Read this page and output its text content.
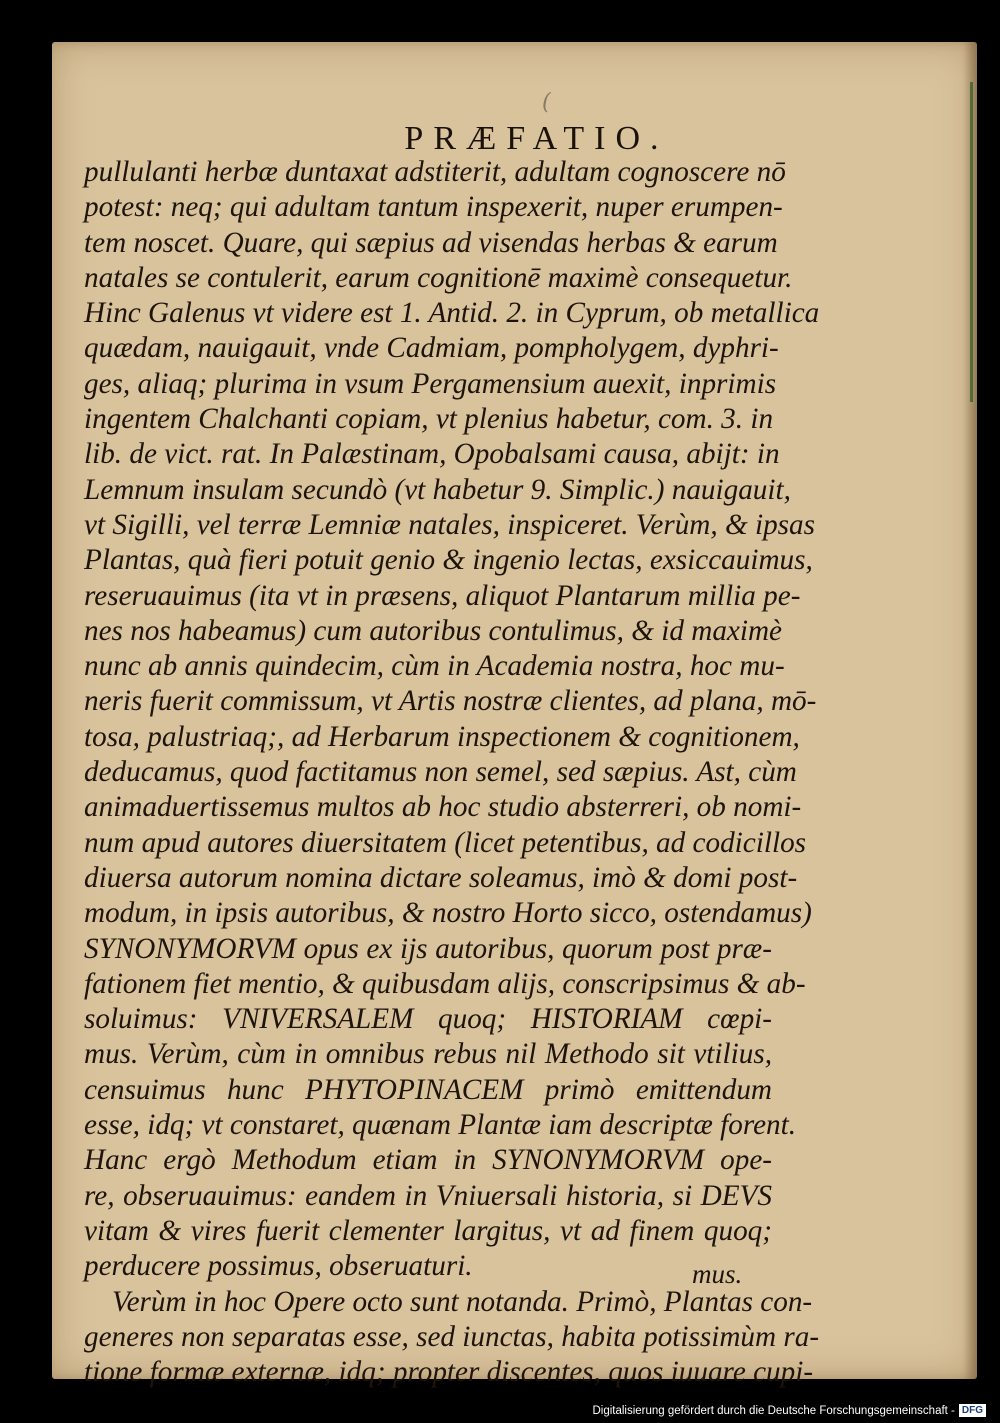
(
PRÆFATIO.
pullulanti herbæ duntaxat adstiterit, adultam cognoscere nō
potest: neq; qui adultam tantum inspexerit, nuper erumpen-
tem noscet. Quare, qui sæpius ad visendas herbas & earum
natales se contulerit, earum cognitionē maximè consequetur.
Hinc Galenus vt videre est 1. Antid. 2. in Cyprum, ob metallica
quædam, nauigauit, vnde Cadmiam, pompholygem, dyphri-
ges, aliaq; plurima in vsum Pergamensium auexit, inprimis
ingentem Chalchanti copiam, vt plenius habetur, com. 3. in
lib. de vict. rat. In Palæstinam, Opobalsami causa, abijt: in
Lemnum insulam secundò (vt habetur 9. Simplic.) nauigauit,
vt Sigilli, vel terræ Lemniæ natales, inspiceret. Verùm, & ipsas
Plantas, quà fieri potuit genio & ingenio lectas, exsiccauimus,
reseruauimus (ita vt in præsens, aliquot Plantarum millia pe-
nes nos habeamus) cum autoribus contulimus, & id maximè
nunc ab annis quindecim, cùm in Academia nostra, hoc mu-
neris fuerit commissum, vt Artis nostræ clientes, ad plana, mō-
tosa, palustriaq;, ad Herbarum inspectionem & cognitionem,
deducamus, quod factitamus non semel, sed sæpius. Ast, cùm
animaduertissemus multos ab hoc studio absterreri, ob nomi-
num apud autores diuersitatem (licet petentibus, ad codicillos
diuersa autorum nomina dictare soleamus, imò & domi post-
modum, in ipsis autoribus, & nostro Horto sicco, ostendamus)
SYNONYMORVM opus ex ijs autoribus, quorum post præ-
fationem fiet mentio, & quibusdam alijs, conscripsimus & ab-
soluimus: VNIVERSALEM quoq; HISTORIAM cœpi-
mus. Verùm, cùm in omnibus rebus nil Methodo sit vtilius,
censuimus hunc PHYTOPINACEM primò emittendum
esse, idq; vt constaret, quænam Plantæ iam descriptæ forent.
Hanc ergò Methodum etiam in SYNONYMORVM ope-
re, obseruauimus: eandem in Vniuersali historia, si DEVS
vitam & vires fuerit clementer largitus, vt ad finem quoq;
perducere possimus, obseruaturi.
Verùm in hoc Opere octo sunt notanda. Primò, Plantas con-
generes non separatas esse, sed iunctas, habita potissimùm ra-
tione formæ externæ, idq; propter discentes, quos iuuare cupi-
mus.
Digitalisierung gefördert durch die Deutsche Forschungsgemeinschaft - DFG
